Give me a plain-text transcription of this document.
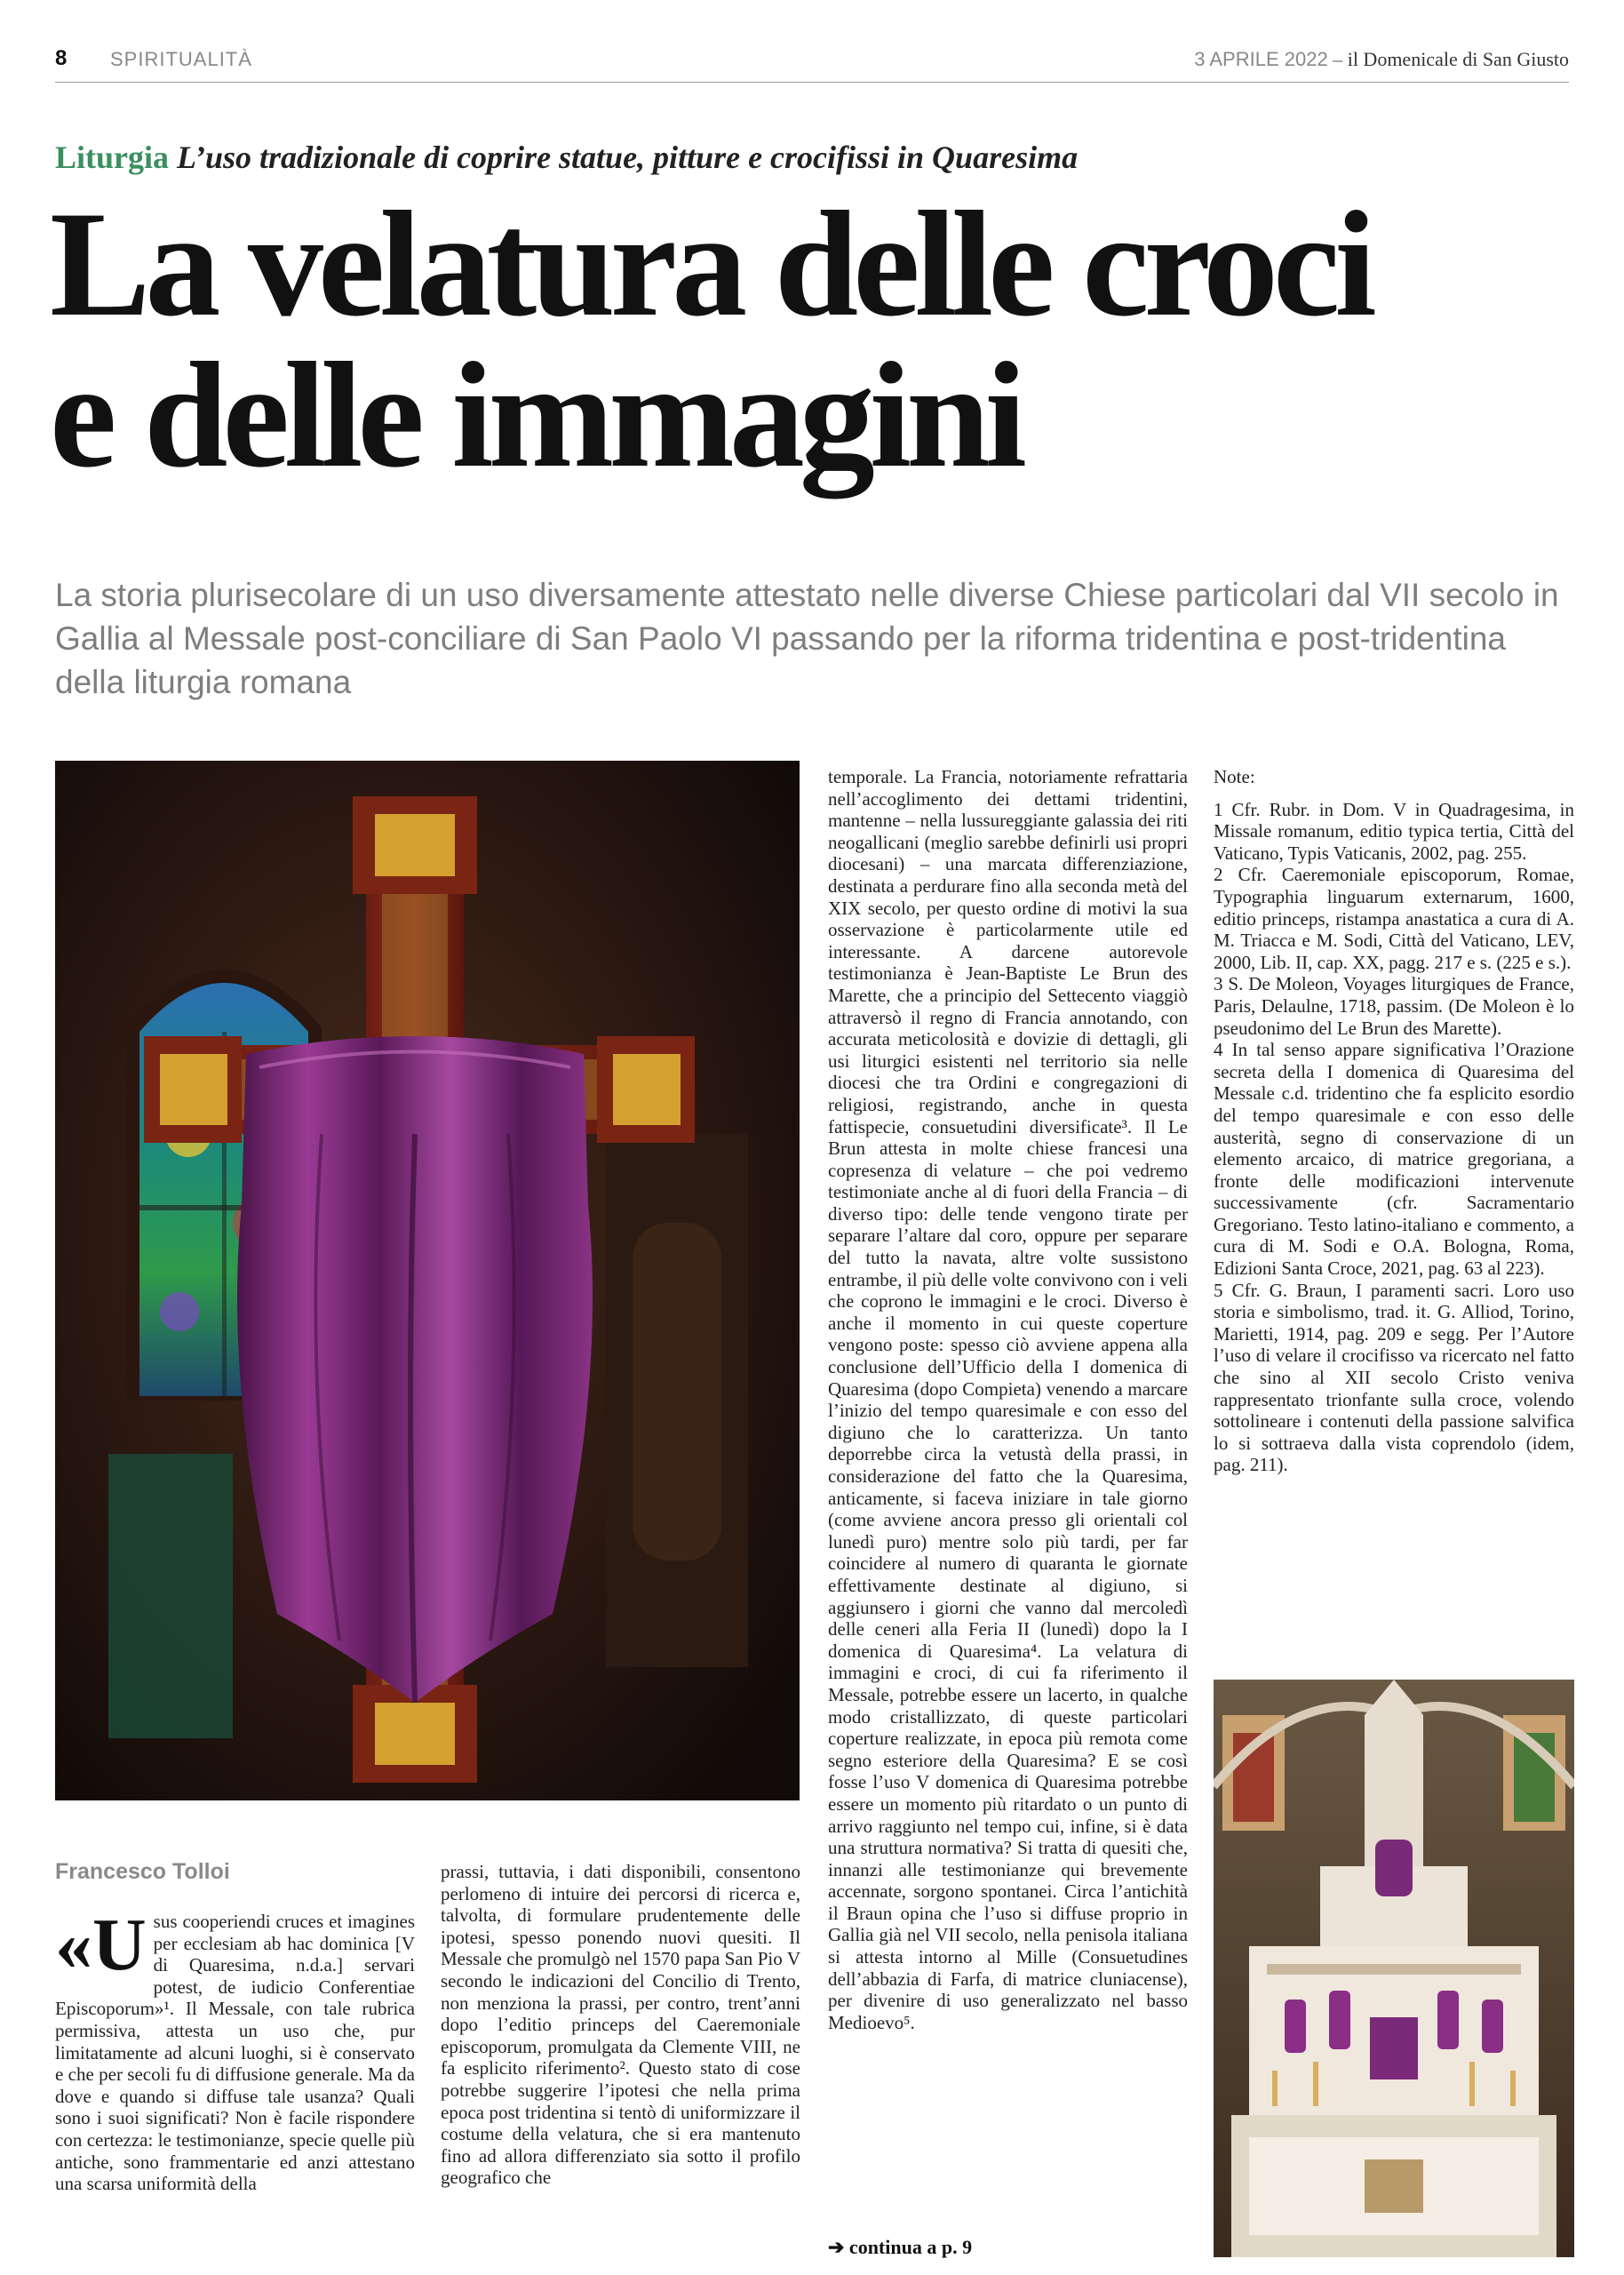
8 SPIRITUALITÀ	3 APRILE 2022 – il Domenicale di San Giusto
Liturgia L’uso tradizionale di coprire statue, pitture e crocifissi in Quaresima
La velatura delle croci
e delle immagini
La storia plurisecolare di un uso diversamente attestato nelle diverse Chiese particolari dal VII secolo in Gallia al Messale post-conciliare di San Paolo VI passando per la riforma tridentina e post-tridentina della liturgia romana
Francesco Tolloi
«Usus cooperiendi cruces et imagines per ecclesiam ab hac dominica [V di Quaresima, n.d.a.] servari potest, de iudicio Conferentiae Episcoporum»¹. Il Messale, con tale rubrica permissiva, attesta un uso che, pur limitatamente ad alcuni luoghi, si è conservato e che per secoli fu di diffusione generale. Ma da dove e quando si diffuse tale usanza? Quali sono i suoi significati? Non è facile rispondere con certezza: le testimonianze, specie quelle più antiche, sono frammentarie ed anzi attestano una scarsa uniformità della
prassi, tuttavia, i dati disponibili, consentono perlomeno di intuire dei percorsi di ricerca e, talvolta, di formulare prudentemente delle ipotesi, spesso ponendo nuovi quesiti. Il Messale che promulgò nel 1570 papa San Pio V secondo le indicazioni del Concilio di Trento, non menziona la prassi, per contro, trent’anni dopo l’editio princeps del Caeremoniale episcoporum, promulgata da Clemente VIII, ne fa esplicito riferimento². Questo stato di cose potrebbe suggerire l’ipotesi che nella prima epoca post tridentina si tentò di uniformizzare il costume della velatura, che si era mantenuto fino ad allora differenziato sia sotto il profilo geografico che
temporale. La Francia, notoriamente refrattaria nell’accoglimento dei dettami tridentini, mantenne – nella lussureggiante galassia dei riti neogallicani (meglio sarebbe definirli usi propri diocesani) – una marcata differenziazione, destinata a perdurare fino alla seconda metà del XIX secolo, per questo ordine di motivi la sua osservazione è particolarmente utile ed interessante. A darcene autorevole testimonianza è Jean-Baptiste Le Brun des Marette, che a principio del Settecento viaggiò attraversò il regno di Francia annotando, con accurata meticolosità e dovizie di dettagli, gli usi liturgici esistenti nel territorio sia nelle diocesi che tra Ordini e congregazioni di religiosi, registrando, anche in questa fattispecie, consuetudini diversificate³. Il Le Brun attesta in molte chiese francesi una copresenza di velature – che poi vedremo testimoniate anche al di fuori della Francia – di diverso tipo: delle tende vengono tirate per separare l’altare dal coro, oppure per separare del tutto la navata, altre volte sussistono entrambe, il più delle volte convivono con i veli che coprono le immagini e le croci. Diverso è anche il momento in cui queste coperture vengono poste: spesso ciò avviene appena alla conclusione dell’Ufficio della I domenica di Quaresima (dopo Compieta) venendo a marcare l’inizio del tempo quaresimale e con esso del digiuno che lo caratterizza. Un tanto deporrebbe circa la vetustà della prassi, in considerazione del fatto che la Quaresima, anticamente, si faceva iniziare in tale giorno (come avviene ancora presso gli orientali col lunedì puro) mentre solo più tardi, per far coincidere al numero di quaranta le giornate effettivamente destinate al digiuno, si aggiunsero i giorni che vanno dal mercoledì delle ceneri alla Feria II (lunedì) dopo la I domenica di Quaresima⁴. La velatura di immagini e croci, di cui fa riferimento il Messale, potrebbe essere un lacerto, in qualche modo cristallizzato, di queste particolari coperture realizzate, in epoca più remota come segno esteriore della Quaresima? E se così fosse l’uso V domenica di Quaresima potrebbe essere un momento più ritardato o un punto di arrivo raggiunto nel tempo cui, infine, si è data una struttura normativa? Si tratta di quesiti che, innanzi alle testimonianze qui brevemente accennate, sorgono spontanei. Circa l’antichità il Braun opina che l’uso si diffuse proprio in Gallia già nel VII secolo, nella penisola italiana si attesta intorno al Mille (Consuetudines dell’abbazia di Farfa, di matrice cluniacense), per divenire di uso generalizzato nel basso Medioevo⁵.
➔ continua a p. 9
Note:

1 Cfr. Rubr. in Dom. V in Quadragesima, in Missale romanum, editio typica tertia, Città del Vaticano, Typis Vaticanis, 2002, pag. 255.

2 Cfr. Caeremoniale episcoporum, Romae, Typographia linguarum externarum, 1600, editio princeps, ristampa anastatica a cura di A. M. Triacca e M. Sodi, Città del Vaticano, LEV, 2000, Lib. II, cap. XX, pagg. 217 e s. (225 e s.).

3 S. De Moleon, Voyages liturgiques de France, Paris, Delaulne, 1718, passim. (De Moleon è lo pseudonimo del Le Brun des Marette).

4 In tal senso appare significativa l’Orazione secreta della I domenica di Quaresima del Messale c.d. tridentino che fa esplicito esordio del tempo quaresimale e con esso delle austerità, segno di conservazione di un elemento arcaico, di matrice gregoriana, a fronte delle modificazioni intervenute successivamente (cfr. Sacramentario Gregoriano. Testo latino-italiano e commento, a cura di M. Sodi e O.A. Bologna, Roma, Edizioni Santa Croce, 2021, pag. 63 al 223).

5 Cfr. G. Braun, I paramenti sacri. Loro uso storia e simbolismo, trad. it. G. Alliod, Torino, Marietti, 1914, pag. 209 e segg. Per l’Autore l’uso di velare il crocifisso va ricercato nel fatto che sino al XII secolo Cristo veniva rappresentato trionfante sulla croce, volendo sottolineare i contenuti della passione salvifica lo si sottraeva dalla vista coprendolo (idem, pag. 211).
